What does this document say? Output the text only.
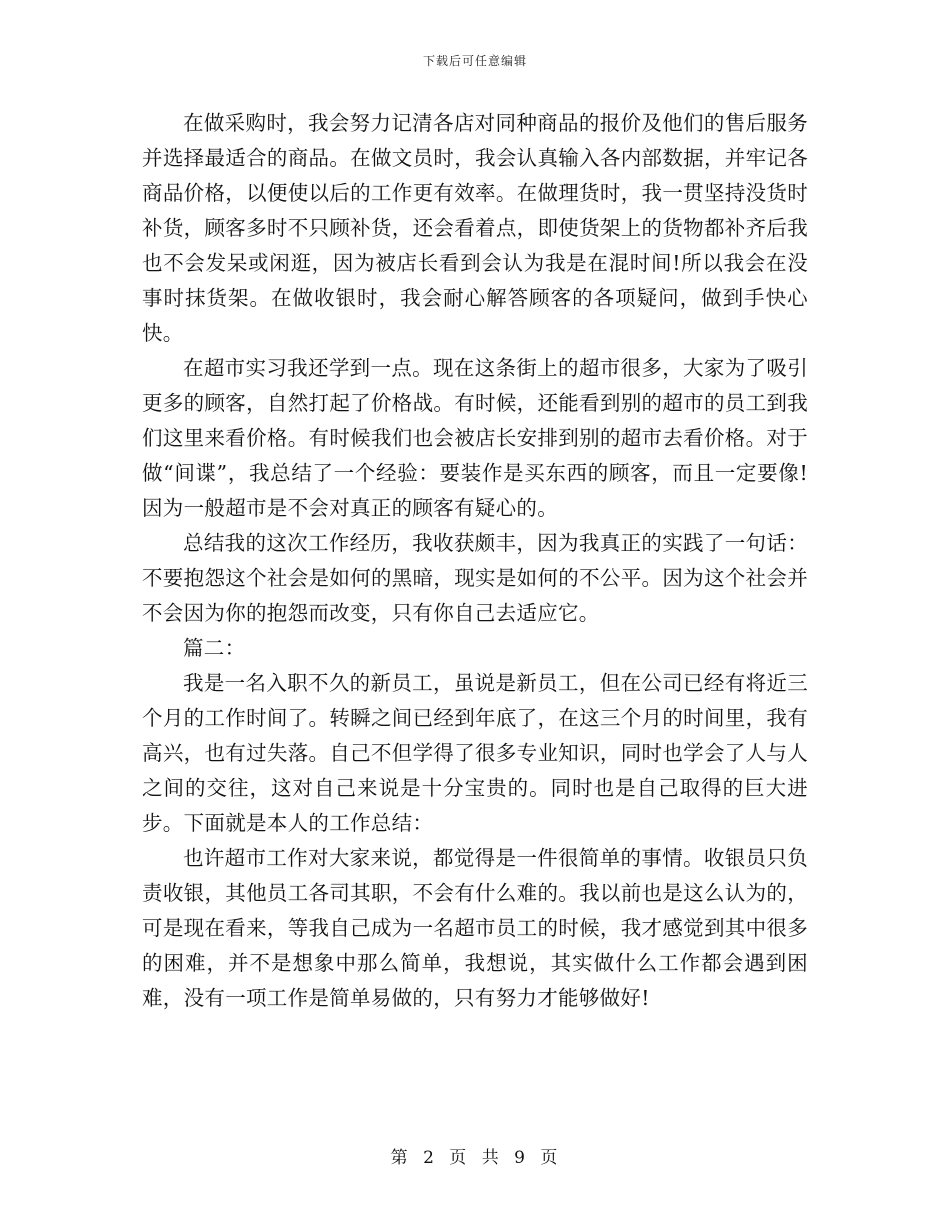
下载后可任意编辑

在做采购时，我会努力记清各店对同种商品的报价及他们的售后服务并选择最适合的商品。在做文员时，我会认真输入各内部数据，并牢记各商品价格，以便使以后的工作更有效率。在做理货时，我一贯坚持没货时补货，顾客多时不只顾补货，还会看着点，即使货架上的货物都补齐后我也不会发呆或闲逛，因为被店长看到会认为我是在混时间!所以我会在没事时抹货架。在做收银时，我会耐心解答顾客的各项疑问，做到手快心快。

在超市实习我还学到一点。现在这条街上的超市很多，大家为了吸引更多的顾客，自然打起了价格战。有时候，还能看到别的超市的员工到我们这里来看价格。有时候我们也会被店长安排到别的超市去看价格。对于做“间谍”，我总结了一个经验：要装作是买东西的顾客，而且一定要像!因为一般超市是不会对真正的顾客有疑心的。

总结我的这次工作经历，我收获颇丰，因为我真正的实践了一句话：不要抱怨这个社会是如何的黑暗，现实是如何的不公平。因为这个社会并不会因为你的抱怨而改变，只有你自己去适应它。

篇二：

我是一名入职不久的新员工，虽说是新员工，但在公司已经有将近三个月的工作时间了。转瞬之间已经到年底了，在这三个月的时间里，我有高兴，也有过失落。自己不但学得了很多专业知识，同时也学会了人与人之间的交往，这对自己来说是十分宝贵的。同时也是自己取得的巨大进步。下面就是本人的工作总结：

也许超市工作对大家来说，都觉得是一件很简单的事情。收银员只负责收银，其他员工各司其职，不会有什么难的。我以前也是这么认为的，可是现在看来，等我自己成为一名超市员工的时候，我才感觉到其中很多的困难，并不是想象中那么简单，我想说，其实做什么工作都会遇到困难，没有一项工作是简单易做的，只有努力才能够做好!

第 2 页 共 9 页
